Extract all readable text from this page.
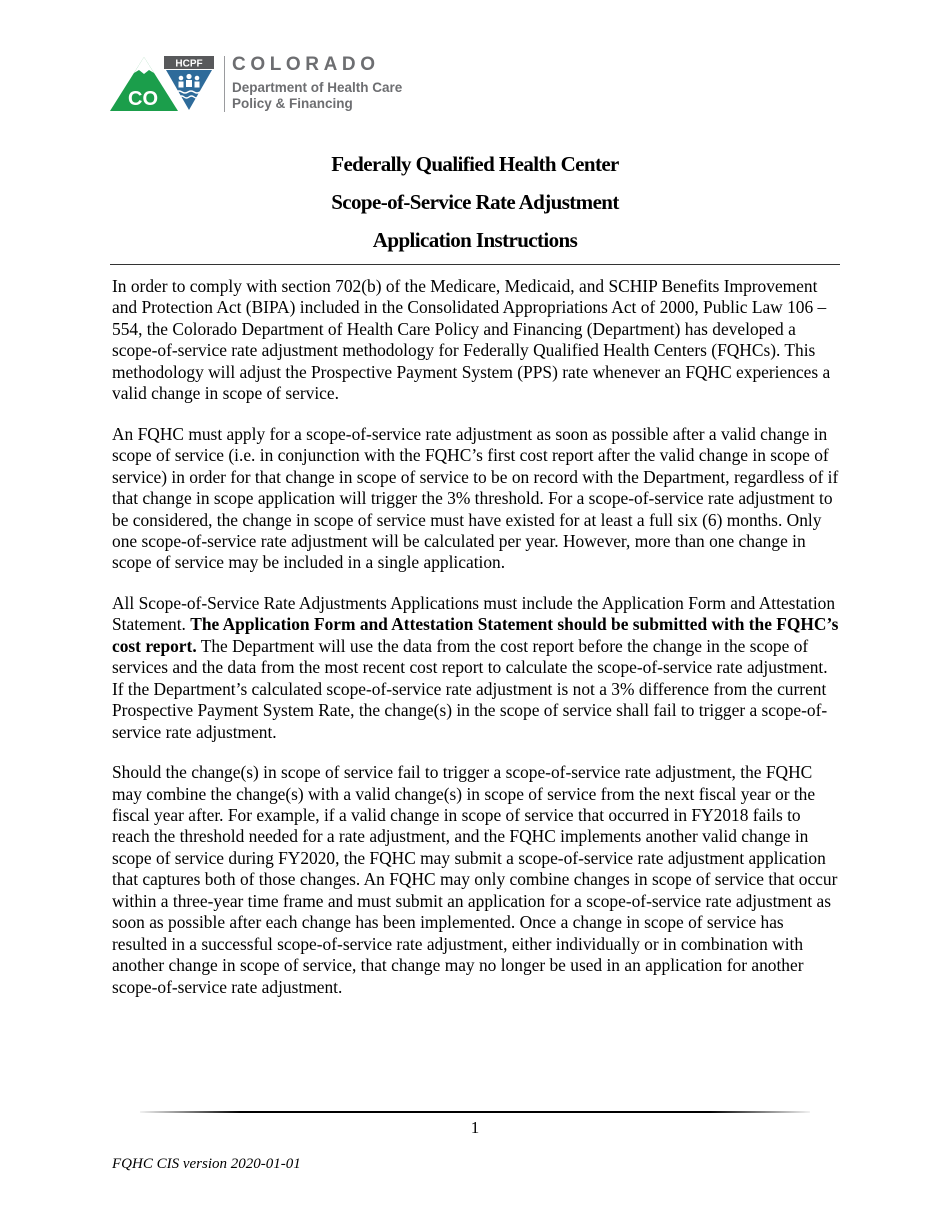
CO
HCPF COLORADO
Department of Health Care
Policy & Financing
Federally Qualified Health Center
Scope-of-Service Rate Adjustment
Application Instructions

In order to comply with section 702(b) of the Medicare, Medicaid, and SCHIP Benefits Improvement and Protection Act (BIPA) included in the Consolidated Appropriations Act of 2000, Public Law 106 – 554, the Colorado Department of Health Care Policy and Financing (Department) has developed a scope-of-service rate adjustment methodology for Federally Qualified Health Centers (FQHCs). This methodology will adjust the Prospective Payment System (PPS) rate whenever an FQHC experiences a valid change in scope of service.

An FQHC must apply for a scope-of-service rate adjustment as soon as possible after a valid change in scope of service (i.e. in conjunction with the FQHC’s first cost report after the valid change in scope of service) in order for that change in scope of service to be on record with the Department, regardless of if that change in scope application will trigger the 3% threshold. For a scope-of-service rate adjustment to be considered, the change in scope of service must have existed for at least a full six (6) months. Only one scope-of-service rate adjustment will be calculated per year. However, more than one change in scope of service may be included in a single application.

All Scope-of-Service Rate Adjustments Applications must include the Application Form and Attestation Statement. The Application Form and Attestation Statement should be submitted with the FQHC’s cost report. The Department will use the data from the cost report before the change in the scope of services and the data from the most recent cost report to calculate the scope-of-service rate adjustment. If the Department’s calculated scope-of-service rate adjustment is not a 3% difference from the current Prospective Payment System Rate, the change(s) in the scope of service shall fail to trigger a scope-of-service rate adjustment.

Should the change(s) in scope of service fail to trigger a scope-of-service rate adjustment, the FQHC may combine the change(s) with a valid change(s) in scope of service from the next fiscal year or the fiscal year after. For example, if a valid change in scope of service that occurred in FY2018 fails to reach the threshold needed for a rate adjustment, and the FQHC implements another valid change in scope of service during FY2020, the FQHC may submit a scope-of-service rate adjustment application that captures both of those changes. An FQHC may only combine changes in scope of service that occur within a three-year time frame and must submit an application for a scope-of-service rate adjustment as soon as possible after each change has been implemented. Once a change in scope of service has resulted in a successful scope-of-service rate adjustment, either individually or in combination with another change in scope of service, that change may no longer be used in an application for another scope-of-service rate adjustment.

1
FQHC CIS version 2020-01-01
